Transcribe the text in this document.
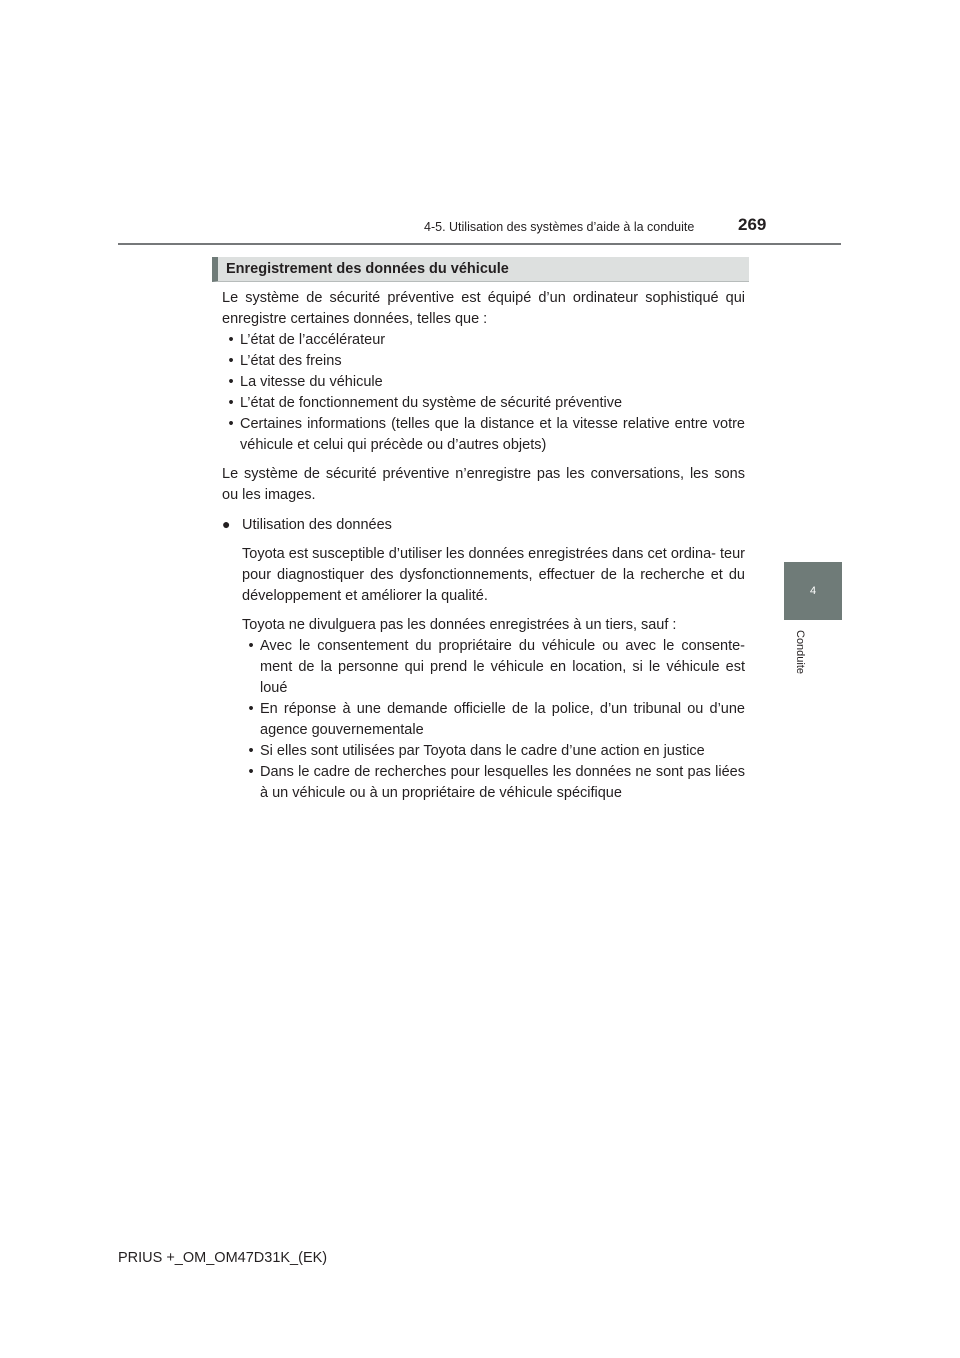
4-5. Utilisation des systèmes d’aide à la conduite	269
4
Conduite
Enregistrement des données du véhicule

Le système de sécurité préventive est équipé d’un ordinateur sophistiqué qui enregistre certaines données, telles que :

• L’état de l’accélérateur
• L’état des freins
• La vitesse du véhicule
• L’état de fonctionnement du système de sécurité préventive
• Certaines informations (telles que la distance et la vitesse relative entre votre véhicule et celui qui précède ou d’autres objets)

Le système de sécurité préventive n’enregistre pas les conversations, les sons ou les images.

● Utilisation des données

Toyota est susceptible d’utiliser les données enregistrées dans cet ordina- teur pour diagnostiquer des dysfonctionnements, effectuer de la recherche et du développement et améliorer la qualité.

Toyota ne divulguera pas les données enregistrées à un tiers, sauf :

• Avec le consentement du propriétaire du véhicule ou avec le consente- ment de la personne qui prend le véhicule en location, si le véhicule est loué
• En réponse à une demande officielle de la police, d’un tribunal ou d’une agence gouvernementale
• Si elles sont utilisées par Toyota dans le cadre d’une action en justice
• Dans le cadre de recherches pour lesquelles les données ne sont pas liées à un véhicule ou à un propriétaire de véhicule spécifique
PRIUS +_OM_OM47D31K_(EK)
